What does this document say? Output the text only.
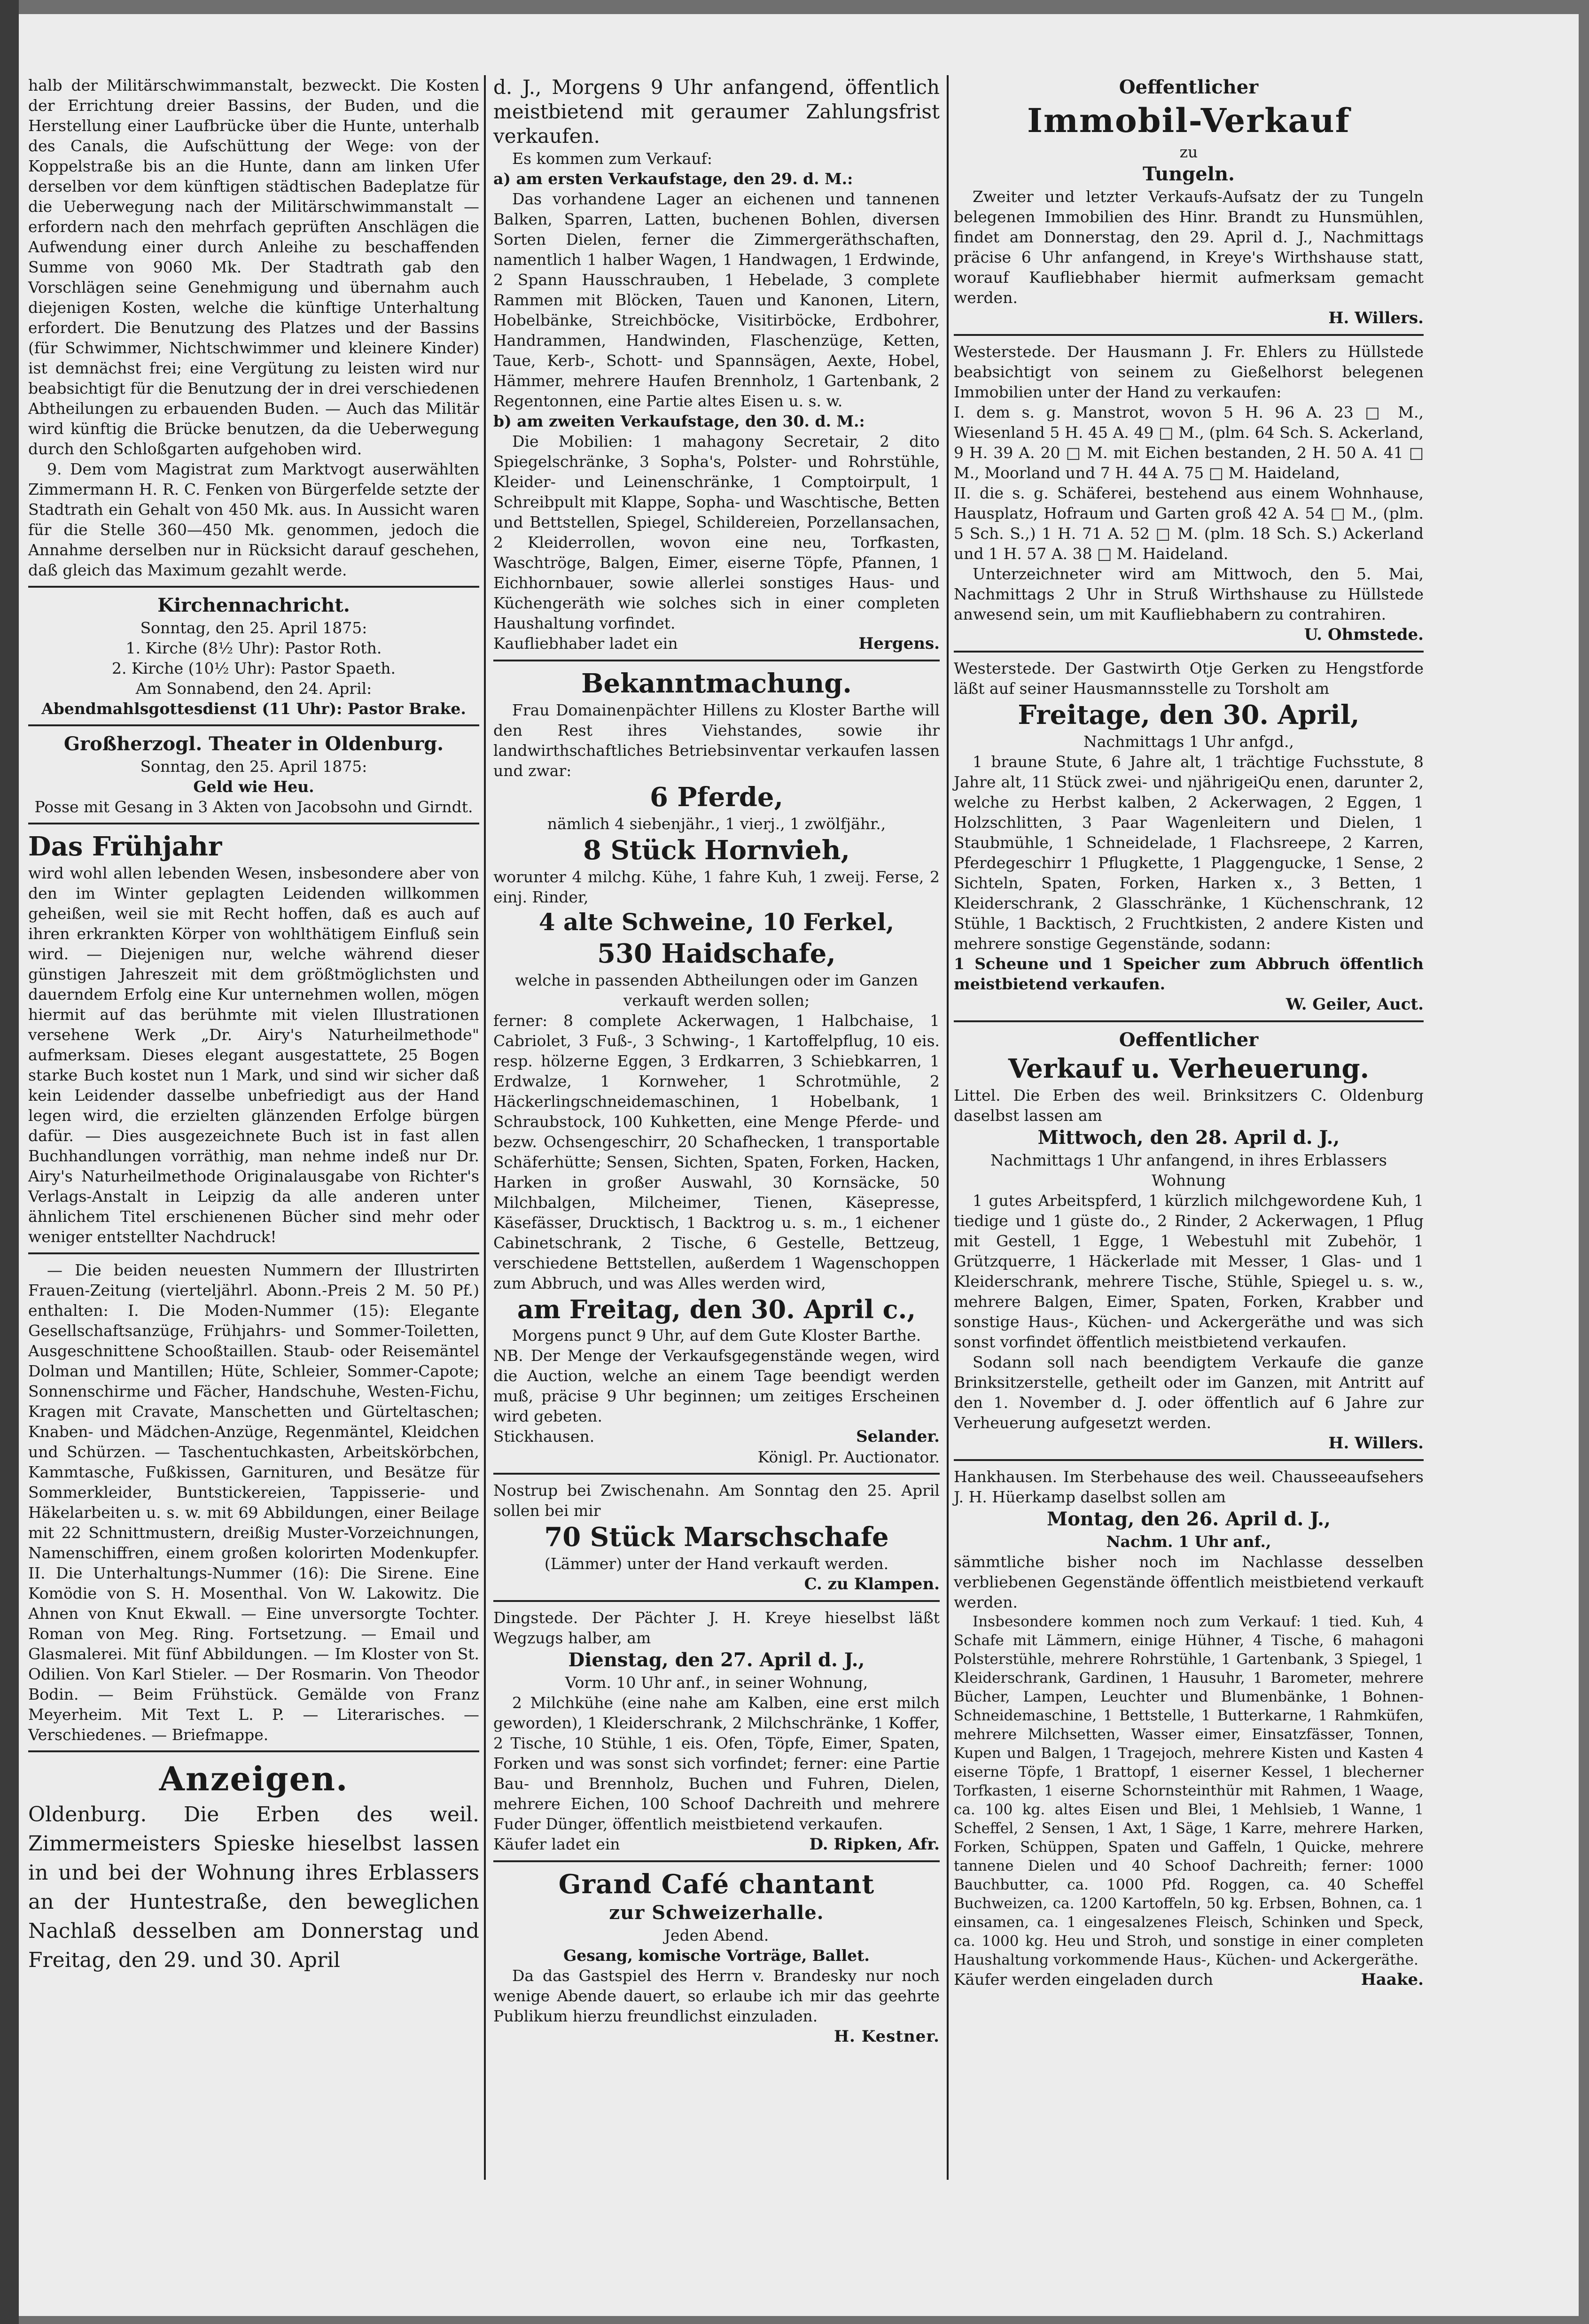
halb der Militärschwimmanstalt, bezweckt. Die Kosten der Errichtung dreier Bassins, der Buden, und die Herstellung einer Laufbrücke über die Hunte, unterhalb des Canals, die Aufschüttung der Wege: von der Koppelstraße bis an die Hunte, dann am linken Ufer derselben vor dem künftigen städtischen Badeplatze für die Ueberwegung nach der Militärschwimmanstalt — erfordern nach den mehrfach geprüften Anschlägen die Aufwendung einer durch Anleihe zu beschaffenden Summe von 9060 Mk. Der Stadtrath gab den Vorschlägen seine Genehmigung und übernahm auch diejenigen Kosten, welche die künftige Unterhaltung erfordert. Die Benutzung des Platzes und der Bassins (für Schwimmer, Nichtschwimmer und kleinere Kinder) ist demnächst frei; eine Vergütung zu leisten wird nur beabsichtigt für die Benutzung der in drei verschiedenen Abtheilungen zu erbauenden Buden. — Auch das Militär wird künftig die Brücke benutzen, da die Ueberwegung durch den Schloßgarten aufgehoben wird.

9. Dem vom Magistrat zum Marktvogt auserwählten Zimmermann H. R. C. Fenken von Bürgerfelde setzte der Stadtrath ein Gehalt von 450 Mk. aus. In Aussicht waren für die Stelle 360—450 Mk. genommen, jedoch die Annahme derselben nur in Rücksicht darauf geschehen, daß gleich das Maximum gezahlt werde.

Kirchennachricht.

Sonntag, den 25. April 1875:

1. Kirche (8½ Uhr): Pastor Roth.

2. Kirche (10½ Uhr): Pastor Spaeth.

Am Sonnabend, den 24. April:

Abendmahlsgottesdienst (11 Uhr): Pastor Brake.

Großherzogl. Theater in Oldenburg.

Sonntag, den 25. April 1875:

Geld wie Heu.

Posse mit Gesang in 3 Akten von Jacobsohn und Girndt.

Das Frühjahr

wird wohl allen lebenden Wesen, insbesondere aber von den im Winter geplagten Leidenden willkommen geheißen, weil sie mit Recht hoffen, daß es auch auf ihren erkrankten Körper von wohlthätigem Einfluß sein wird. — Diejenigen nur, welche während dieser günstigen Jahreszeit mit dem größtmöglichsten und dauerndem Erfolg eine Kur unternehmen wollen, mögen hiermit auf das berühmte mit vielen Illustrationen versehene Werk „Dr. Airy's Naturheilmethode" aufmerksam. Dieses elegant ausgestattete, 25 Bogen starke Buch kostet nun 1 Mark, und sind wir sicher daß kein Leidender dasselbe unbefriedigt aus der Hand legen wird, die erzielten glänzenden Erfolge bürgen dafür. — Dies ausgezeichnete Buch ist in fast allen Buchhandlungen vorräthig, man nehme indeß nur Dr. Airy's Naturheilmethode Originalausgabe von Richter's Verlags-Anstalt in Leipzig da alle anderen unter ähnlichem Titel erschienenen Bücher sind mehr oder weniger entstellter Nachdruck!

— Die beiden neuesten Nummern der Illustrirten Frauen-Zeitung (vierteljährl. Abonn.-Preis 2 M. 50 Pf.) enthalten: I. Die Moden-Nummer (15): Elegante Gesellschaftsanzüge, Frühjahrs- und Sommer-Toiletten, Ausgeschnittene Schooßtaillen. Staub- oder Reisemäntel Dolman und Mantillen; Hüte, Schleier, Sommer-Capote; Sonnenschirme und Fächer, Handschuhe, Westen-Fichu, Kragen mit Cravate, Manschetten und Gürteltaschen; Knaben- und Mädchen-Anzüge, Regenmäntel, Kleidchen und Schürzen. — Taschentuchkasten, Arbeitskörbchen, Kammtasche, Fußkissen, Garnituren, und Besätze für Sommerkleider, Buntstickereien, Tappisserie- und Häkelarbeiten u. s. w. mit 69 Abbildungen, einer Beilage mit 22 Schnittmustern, dreißig Muster-Vorzeichnungen, Namenschiffren, einem großen kolorirten Modenkupfer. II. Die Unterhaltungs-Nummer (16): Die Sirene. Eine Komödie von S. H. Mosenthal. Von W. Lakowitz. Die Ahnen von Knut Ekwall. — Eine unversorgte Tochter. Roman von Meg. Ring. Fortsetzung. — Email und Glasmalerei. Mit fünf Abbildungen. — Im Kloster von St. Odilien. Von Karl Stieler. — Der Rosmarin. Von Theodor Bodin. — Beim Frühstück. Gemälde von Franz Meyerheim. Mit Text L. P. — Literarisches. — Verschiedenes. — Briefmappe.

Anzeigen.

Oldenburg. Die Erben des weil. Zimmermeisters Spieske hieselbst lassen in und bei der Wohnung ihres Erblassers an der Huntestraße, den beweglichen Nachlaß desselben am Donnerstag und Freitag, den 29. und 30. April

d. J., Morgens 9 Uhr anfangend, öffentlich meistbietend mit geraumer Zahlungsfrist verkaufen.

Es kommen zum Verkauf:

a) am ersten Verkaufstage, den 29. d. M.:

Das vorhandene Lager an eichenen und tannenen Balken, Sparren, Latten, buchenen Bohlen, diversen Sorten Dielen, ferner die Zimmergeräthschaften, namentlich 1 halber Wagen, 1 Handwagen, 1 Erdwinde, 2 Spann Hausschrauben, 1 Hebelade, 3 complete Rammen mit Blöcken, Tauen und Kanonen, Litern, Hobelbänke, Streichböcke, Visitirböcke, Erdbohrer, Handrammen, Handwinden, Flaschenzüge, Ketten, Taue, Kerb-, Schott- und Spannsägen, Aexte, Hobel, Hämmer, mehrere Haufen Brennholz, 1 Gartenbank, 2 Regentonnen, eine Partie altes Eisen u. s. w.

b) am zweiten Verkaufstage, den 30. d. M.:

Die Mobilien: 1 mahagony Secretair, 2 dito Spiegelschränke, 3 Sopha's, Polster- und Rohrstühle, Kleider- und Leinenschränke, 1 Comptoirpult, 1 Schreibpult mit Klappe, Sopha- und Waschtische, Betten und Bettstellen, Spiegel, Schildereien, Porzellansachen, 2 Kleiderrollen, wovon eine neu, Torfkasten, Waschtröge, Balgen, Eimer, eiserne Töpfe, Pfannen, 1 Eichhornbauer, sowie allerlei sonstiges Haus- und Küchengeräth wie solches sich in einer completen Haushaltung vorfindet.

Kaufliebhaber ladet ein	Hergens.
Bekanntmachung.

Frau Domainenpächter Hillens zu Kloster Barthe will den Rest ihres Viehstandes, sowie ihr landwirthschaftliches Betriebsinventar verkaufen lassen und zwar:

6 Pferde,

nämlich 4 siebenjähr., 1 vierj., 1 zwölfjähr.,

8 Stück Hornvieh,

worunter 4 milchg. Kühe, 1 fahre Kuh, 1 zweij. Ferse, 2 einj. Rinder,

4 alte Schweine, 10 Ferkel,
530 Haidschafe,

welche in passenden Abtheilungen oder im Ganzen verkauft werden sollen;

ferner: 8 complete Ackerwagen, 1 Halbchaise, 1 Cabriolet, 3 Fuß-, 3 Schwing-, 1 Kartoffelpflug, 10 eis. resp. hölzerne Eggen, 3 Erdkarren, 3 Schiebkarren, 1 Erdwalze, 1 Kornweher, 1 Schrotmühle, 2 Häckerlingschneidemaschinen, 1 Hobelbank, 1 Schraubstock, 100 Kuhketten, eine Menge Pferde- und bezw. Ochsengeschirr, 20 Schafhecken, 1 transportable Schäferhütte; Sensen, Sichten, Spaten, Forken, Hacken, Harken in großer Auswahl, 30 Kornsäcke, 50 Milchbalgen, Milcheimer, Tienen, Käsepresse, Käsefässer, Drucktisch, 1 Backtrog u. s. m., 1 eichener Cabinetschrank, 2 Tische, 6 Gestelle, Bettzeug, verschiedene Bettstellen, außerdem 1 Wagenschoppen zum Abbruch, und was Alles werden wird,

am Freitag, den 30. April c.,

Morgens punct 9 Uhr, auf dem Gute Kloster Barthe.

NB. Der Menge der Verkaufsgegenstände wegen, wird die Auction, welche an einem Tage beendigt werden muß, präcise 9 Uhr beginnen; um zeitiges Erscheinen wird gebeten.

Stickhausen.	Selander.

Königl. Pr. Auctionator.

Nostrup bei Zwischenahn. Am Sonntag den 25. April sollen bei mir

70 Stück Marschschafe

(Lämmer) unter der Hand verkauft werden.

C. zu Klampen.

Dingstede. Der Pächter J. H. Kreye hieselbst läßt Wegzugs halber, am

Dienstag, den 27. April d. J.,

Vorm. 10 Uhr anf., in seiner Wohnung,

2 Milchkühe (eine nahe am Kalben, eine erst milch geworden), 1 Kleiderschrank, 2 Milchschränke, 1 Koffer, 2 Tische, 10 Stühle, 1 eis. Ofen, Töpfe, Eimer, Spaten, Forken und was sonst sich vorfindet; ferner: eine Partie Bau- und Brennholz, Buchen und Fuhren, Dielen, mehrere Eichen, 100 Schoof Dachreith und mehrere Fuder Dünger, öffentlich meistbietend verkaufen.

Käufer ladet ein	D. Ripken, Afr.
Grand Café chantant
zur Schweizerhalle.

Jeden Abend.

Gesang, komische Vorträge, Ballet.

Da das Gastspiel des Herrn v. Brandesky nur noch wenige Abende dauert, so erlaube ich mir das geehrte Publikum hierzu freundlichst einzuladen.

H. Kestner.

Oeffentlicher
Immobil-Verkauf

zu

Tungeln.

Zweiter und letzter Verkaufs-Aufsatz der zu Tungeln belegenen Immobilien des Hinr. Brandt zu Hunsmühlen, findet am Donnerstag, den 29. April d. J., Nachmittags präcise 6 Uhr anfangend, in Kreye's Wirthshause statt, worauf Kaufliebhaber hiermit aufmerksam gemacht werden.

H. Willers.

Westerstede. Der Hausmann J. Fr. Ehlers zu Hüllstede beabsichtigt von seinem zu Gießelhorst belegenen Immobilien unter der Hand zu verkaufen:

I. dem s. g. Manstrot, wovon 5 H. 96 A. 23 □ M., Wiesenland 5 H. 45 A. 49 □ M., (plm. 64 Sch. S. Ackerland, 9 H. 39 A. 20 □ M. mit Eichen bestanden, 2 H. 50 A. 41 □ M., Moorland und 7 H. 44 A. 75 □ M. Haideland,

II. die s. g. Schäferei, bestehend aus einem Wohnhause, Hausplatz, Hofraum und Garten groß 42 A. 54 □ M., (plm. 5 Sch. S.,) 1 H. 71 A. 52 □ M. (plm. 18 Sch. S.) Ackerland und 1 H. 57 A. 38 □ M. Haideland.

Unterzeichneter wird am Mittwoch, den 5. Mai, Nachmittags 2 Uhr in Struß Wirthshause zu Hüllstede anwesend sein, um mit Kaufliebhabern zu contrahiren.

U. Ohmstede.

Westerstede. Der Gastwirth Otje Gerken zu Hengstforde läßt auf seiner Hausmannsstelle zu Torsholt am

Freitage, den 30. April,

Nachmittags 1 Uhr anfgd.,

1 braune Stute, 6 Jahre alt, 1 trächtige Fuchsstute, 8 Jahre alt, 11 Stück zwei- und njährigeiQu enen, darunter 2, welche zu Herbst kalben, 2 Ackerwagen, 2 Eggen, 1 Holzschlitten, 3 Paar Wagenleitern und Dielen, 1 Staubmühle, 1 Schneidelade, 1 Flachsreepe, 2 Karren, Pferdegeschirr 1 Pflugkette, 1 Plaggengucke, 1 Sense, 2 Sichteln, Spaten, Forken, Harken x., 3 Betten, 1 Kleiderschrank, 2 Glasschränke, 1 Küchenschrank, 12 Stühle, 1 Backtisch, 2 Fruchtkisten, 2 andere Kisten und mehrere sonstige Gegenstände, sodann:

1 Scheune und 1 Speicher zum Abbruch öffentlich meistbietend verkaufen.

W. Geiler, Auct.

Oeffentlicher
Verkauf u. Verheuerung.

Littel. Die Erben des weil. Brinksitzers C. Oldenburg daselbst lassen am

Mittwoch, den 28. April d. J.,

Nachmittags 1 Uhr anfangend, in ihres Erblassers Wohnung

1 gutes Arbeitspferd, 1 kürzlich milchgewordene Kuh, 1 tiedige und 1 güste do., 2 Rinder, 2 Ackerwagen, 1 Pflug mit Gestell, 1 Egge, 1 Webestuhl mit Zubehör, 1 Grützquerre, 1 Häckerlade mit Messer, 1 Glas- und 1 Kleiderschrank, mehrere Tische, Stühle, Spiegel u. s. w., mehrere Balgen, Eimer, Spaten, Forken, Krabber und sonstige Haus-, Küchen- und Ackergeräthe und was sich sonst vorfindet öffentlich meistbietend verkaufen.

Sodann soll nach beendigtem Verkaufe die ganze Brinksitzerstelle, getheilt oder im Ganzen, mit Antritt auf den 1. November d. J. oder öffentlich auf 6 Jahre zur Verheuerung aufgesetzt werden.

H. Willers.

Hankhausen. Im Sterbehause des weil. Chausseeaufsehers J. H. Hüerkamp daselbst sollen am

Montag, den 26. April d. J.,

Nachm. 1 Uhr anf.,

sämmtliche bisher noch im Nachlasse desselben verbliebenen Gegenstände öffentlich meistbietend verkauft werden.

Insbesondere kommen noch zum Verkauf: 1 tied. Kuh, 4 Schafe mit Lämmern, einige Hühner, 4 Tische, 6 mahagoni Polsterstühle, mehrere Rohrstühle, 1 Gartenbank, 3 Spiegel, 1 Kleiderschrank, Gardinen, 1 Hausuhr, 1 Barometer, mehrere Bücher, Lampen, Leuchter und Blumenbänke, 1 Bohnen-Schneidemaschine, 1 Bettstelle, 1 Butterkarne, 1 Rahmküfen, mehrere Milchsetten, Wasser eimer, Einsatzfässer, Tonnen, Kupen und Balgen, 1 Tragejoch, mehrere Kisten und Kasten 4 eiserne Töpfe, 1 Brattopf, 1 eiserner Kessel, 1 blecherner Torfkasten, 1 eiserne Schornsteinthür mit Rahmen, 1 Waage, ca. 100 kg. altes Eisen und Blei, 1 Mehlsieb, 1 Wanne, 1 Scheffel, 2 Sensen, 1 Axt, 1 Säge, 1 Karre, mehrere Harken, Forken, Schüppen, Spaten und Gaffeln, 1 Quicke, mehrere tannene Dielen und 40 Schoof Dachreith; ferner: 1000 Bauchbutter, ca. 1000 Pfd. Roggen, ca. 40 Scheffel Buchweizen, ca. 1200 Kartoffeln, 50 kg. Erbsen, Bohnen, ca. 1 einsamen, ca. 1 eingesalzenes Fleisch, Schinken und Speck, ca. 1000 kg. Heu und Stroh, und sonstige in einer completen Haushaltung vorkommende Haus-, Küchen- und Ackergeräthe.

Käufer werden eingeladen durch	Haake.
